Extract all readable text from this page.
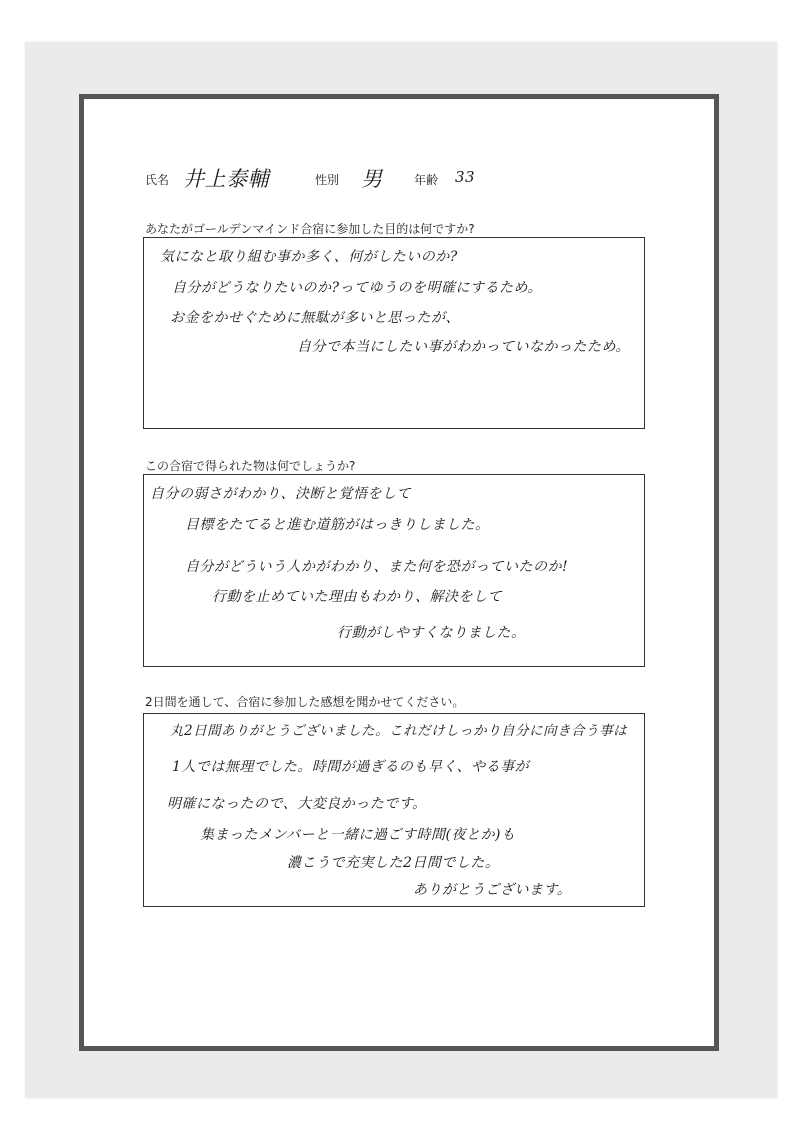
氏名 井上泰輔	性別 男	年齢 33
あなたがゴールデンマインド合宿に参加した目的は何ですか?
気になと取り組む事か多く、何がしたいのか?
自分がどうなりたいのか?ってゆうのを明確にするため。
お金をかせぐために無駄が多いと思ったが、
自分で本当にしたい事がわかっていなかったため。
この合宿で得られた物は何でしょうか?
自分の弱さがわかり、決断と覚悟をして
目標をたてると進む道筋がはっきりしました。
自分がどういう人かがわかり、また何を恐がっていたのか!
行動を止めていた理由もわかり、解決をして
行動がしやすくなりました。
2日間を通して、合宿に参加した感想を聞かせてください。
丸2日間ありがとうございました。これだけしっかり自分に向き合う事は
1人では無理でした。時間が過ぎるのも早く、やる事が
明確になったので、大変良かったです。
集まったメンバーと一緒に過ごす時間(夜とか)も
濃こうで充実した2日間でした。
ありがとうございます。
